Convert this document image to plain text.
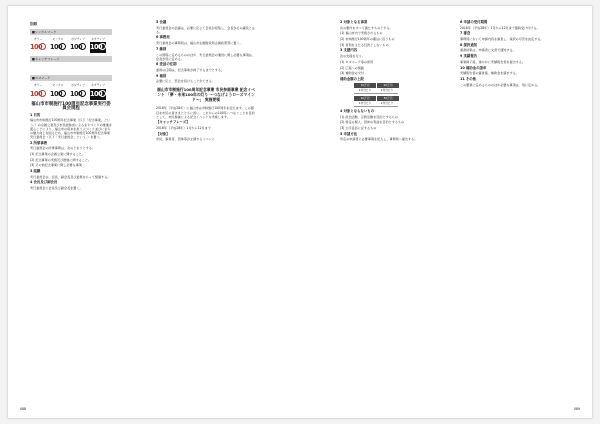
別紙
■シンボルマーク
カラー	モノクロ	ポジティブ	ネガティブ
100 100 100 100
■キャッチフレーズ
■ロゴマーク
カラー	モノクロ	ポジティブ	ネガティブ
100 100 100 100
福山市市制施行100周年記念事業実行委員会規程

1 目的

福山市市制施行100周年記念事業（以下「記念事業」という。）の企画立案及び市民総参加によるまちづくりの推進を図ることにより、福山市の将来を担う人づくり並びにまちの魅力向上を図るため、福山市市制施行100周年記念事業実行委員会（以下「実行委員会」という。）を置く。

2 所掌事務

実行委員会の所掌事務は、次のとおりとする。

(1) 記念事業の企画立案に関すること。

(2) 記念事業の実施及び推進に関すること。

(3) その他記念事業に関し必要な事項

3 組織

実行委員会は、会長、副会長及び委員をもって組織する。

4 会長及び副会長

実行委員会に会長及び副会長を置く。

5 会議

実行委員会の会議は、必要に応じて会長が招集し、会長がその議長となる。

6 事務局

実行委員会の事務局は、福山市企画財政局企画政策部に置く。

7 雑則

この規程に定めるもののほか、実行委員会の運営に関し必要な事項は、会長が別に定める。

8 委員の任期

委員の任期は、記念事業が終了するまでとする。

9 補則

必要に応じ、部会を設けることができる。

福山市市制施行100周年記念事業 市民参画事業 記念イベント 「夢・未来100年の灯り ～つなげようローズマインド～」 実施要領

2016年（平成28年）に福山市は市制施行100周年を迎えます。この節目を市民の皆さまとともに祝い、これからの100年へつなぐことを目的として、市民参画による記念イベントを実施します。

【キャッチフレーズ】

2016年（平成28年）1月から12月まで

【対象】

市民、事業者、団体等が主催するイベント

088

2 対象となる事業

次の要件をすべて満たすものとする。

(1) 福山市内で実施されるもの

(2) 市制施行100周年の趣旨に沿うもの

(3) 営利を主たる目的としないもの

3 支援内容

次の支援を行う。

(1) ロゴマーク等の使用

(2) 広報への掲載

(3) 補助金の交付

補助金額の上限

10万円	20万円
1件当たり	1件当たり
10万円	30万円
1件当たり	1件当たり

4 対象とならないもの

(1) 政治活動、宗教活動を目的とするもの

(2) 特定の個人、団体の利益を目的とするもの

(3) 公序良俗に反するもの

5 申請方法

所定の申請書に必要事項を記入し、事務局へ提出する。

6 申請の受付期間

2016年（平成28年）1月から12月まで随時受け付ける。

7 審査

事務局において申請内容を審査し、採択の可否を決定する。

8 採択通知

審査結果は、申請者に文書で通知する。

9 実績報告

事業終了後、速やかに実績報告書を提出する。

10 補助金の請求

実績報告書の審査後、補助金を請求する。

11 その他

この要領に定めるもののほか必要な事項は、別に定める。

089
